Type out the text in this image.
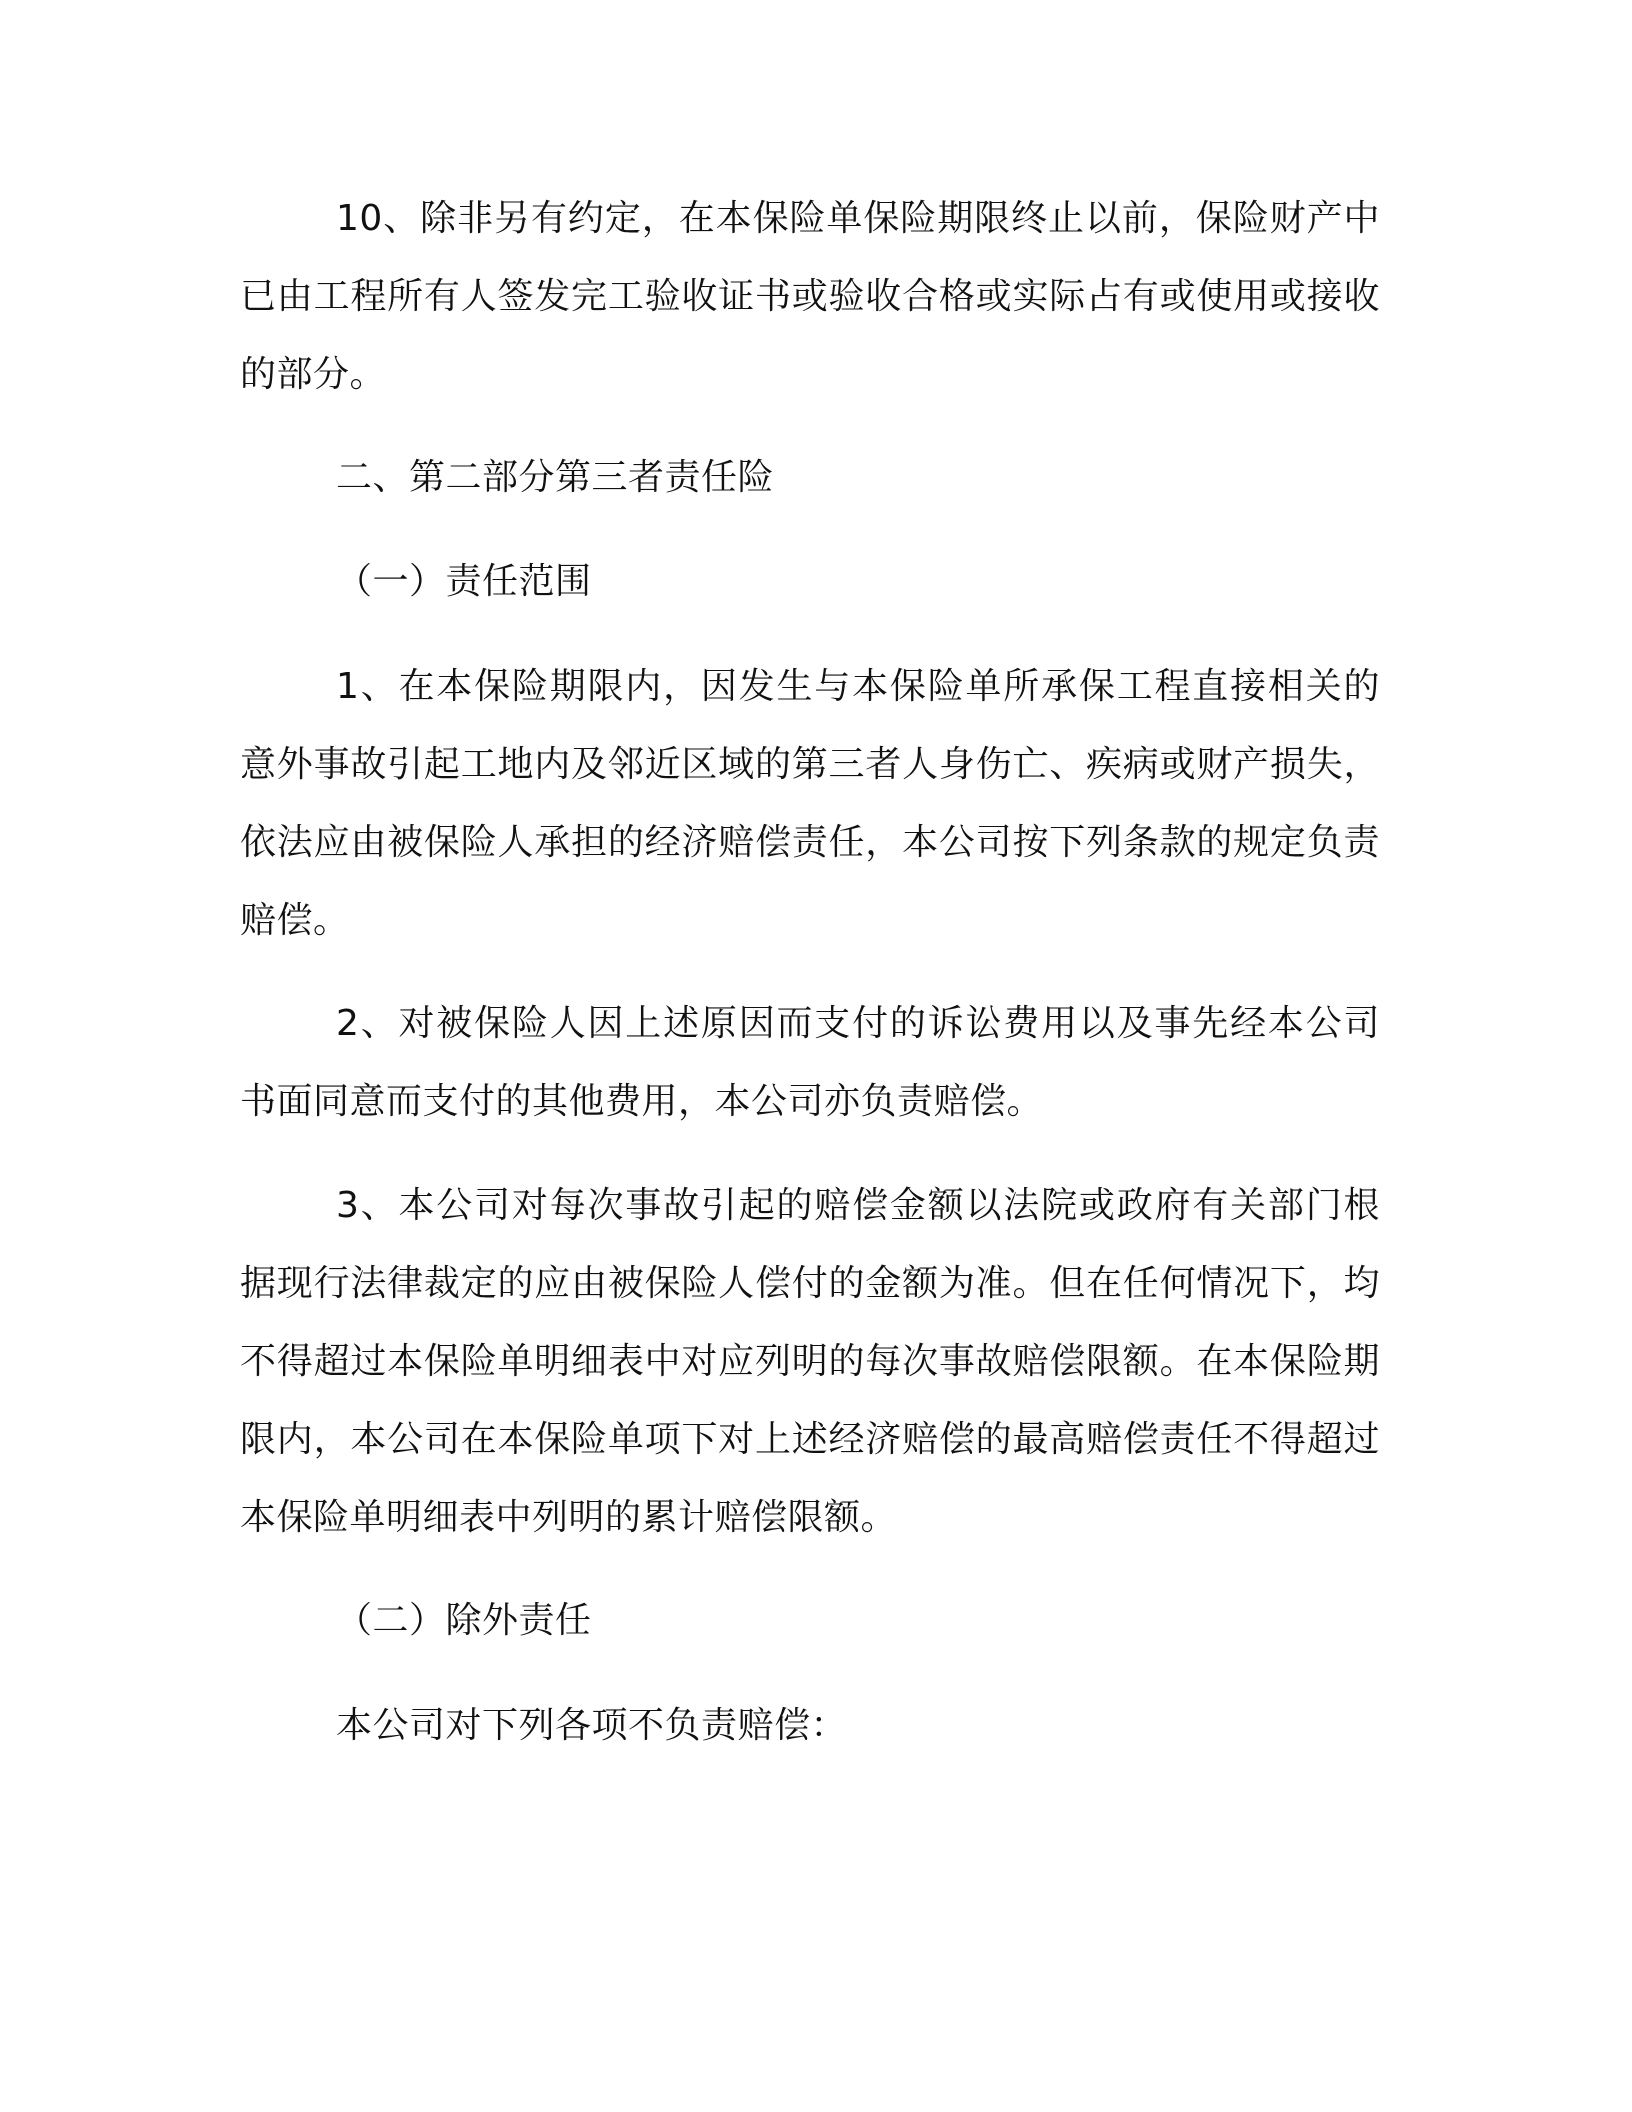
10、除非另有约定，在本保险单保险期限终止以前，保险财产中已由工程所有人签发完工验收证书或验收合格或实际占有或使用或接收的部分。

二、第二部分第三者责任险

（一）责任范围

1、在本保险期限内，因发生与本保险单所承保工程直接相关的意外事故引起工地内及邻近区域的第三者人身伤亡、疾病或财产损失，依法应由被保险人承担的经济赔偿责任，本公司按下列条款的规定负责赔偿。

2、对被保险人因上述原因而支付的诉讼费用以及事先经本公司书面同意而支付的其他费用，本公司亦负责赔偿。

3、本公司对每次事故引起的赔偿金额以法院或政府有关部门根据现行法律裁定的应由被保险人偿付的金额为准。但在任何情况下，均不得超过本保险单明细表中对应列明的每次事故赔偿限额。在本保险期限内，本公司在本保险单项下对上述经济赔偿的最高赔偿责任不得超过本保险单明细表中列明的累计赔偿限额。

（二）除外责任

本公司对下列各项不负责赔偿：
